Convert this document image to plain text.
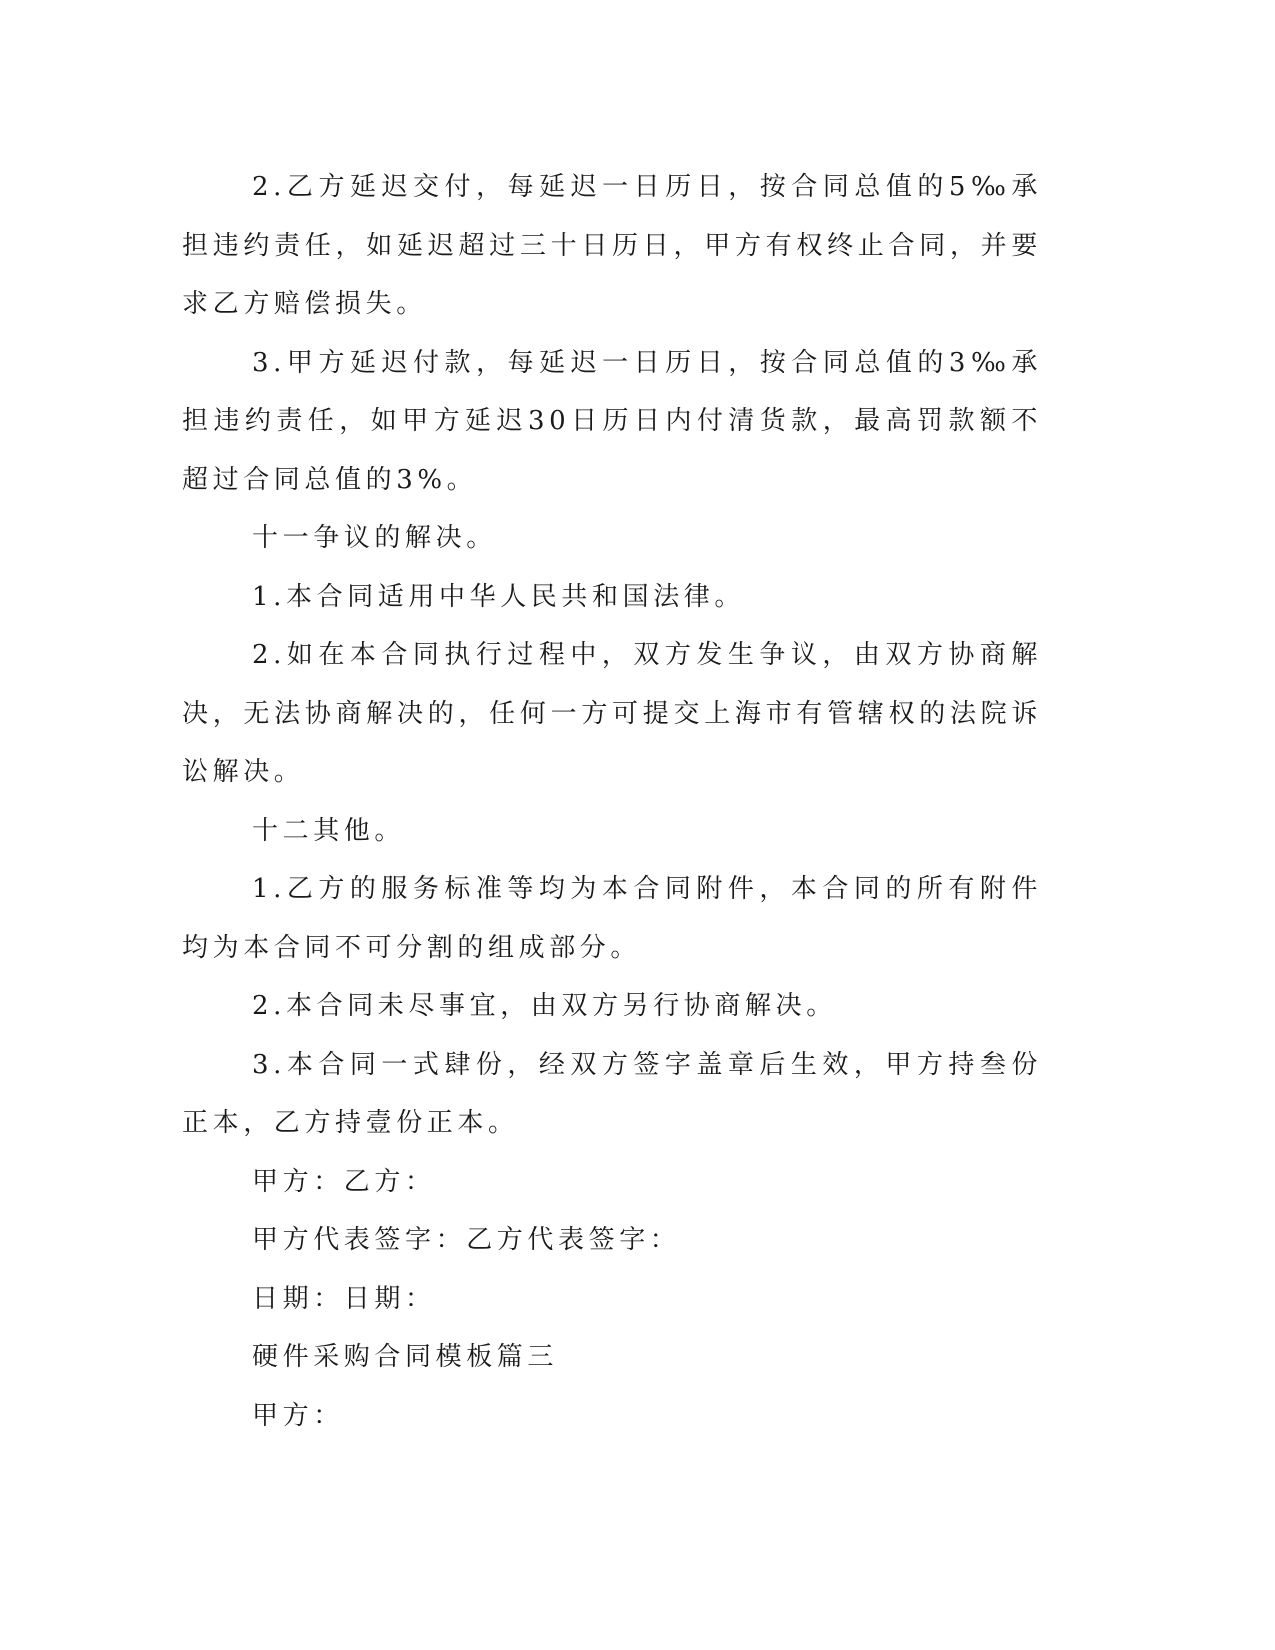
2.乙方延迟交付，每延迟一日历日，按合同总值的5‰承担违约责任，如延迟超过三十日历日，甲方有权终止合同，并要求乙方赔偿损失。

3.甲方延迟付款，每延迟一日历日，按合同总值的3‰承担违约责任，如甲方延迟30日历日内付清货款，最高罚款额不超过合同总值的3%。

十一争议的解决。

1.本合同适用中华人民共和国法律。

2.如在本合同执行过程中，双方发生争议，由双方协商解决，无法协商解决的，任何一方可提交上海市有管辖权的法院诉讼解决。

十二其他。

1.乙方的服务标准等均为本合同附件，本合同的所有附件均为本合同不可分割的组成部分。

2.本合同未尽事宜，由双方另行协商解决。

3.本合同一式肆份，经双方签字盖章后生效，甲方持叁份正本，乙方持壹份正本。

甲方：乙方：

甲方代表签字：乙方代表签字：

日期：日期：

硬件采购合同模板篇三

甲方：
